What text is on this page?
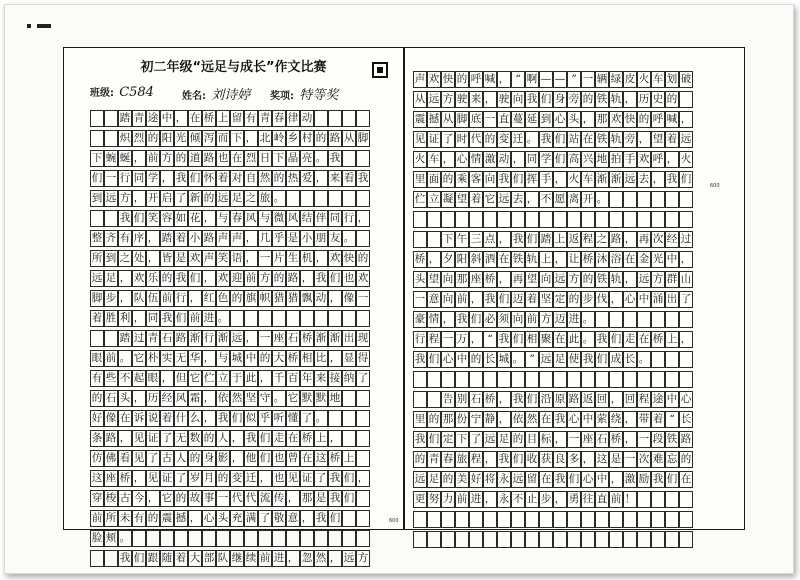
初二年级“远足与成长”作文比赛
班级: C584	姓名: 刘诗婷 奖项: 特等奖

踏 青 途 中 ， 在 桥 上 留 有 青 春 律 动

炽 烈 的 阳 光 倾 泻 而 下 ， 北 岭 乡 村 的 路 从 脚
下 蜿 蜒 ， 前 方 的 道 路 也 在 烈 日 下 晶 亮 。 我
们 一 行 同 学 ， 我 们 怀 着 对 自 然 的 热 爱 ， 来 看 我
到 远 方 ， 开 启 了 新 的 远 足 之 旅 。

我 们 笑 容 如 花 ， 与 春 风 与 微 风 结 伴 同 行 ，
整 齐 有 序 ， 踏 着 小 路 声 声 ， 几 乎 是 小 朋 友 。
所 到 之 处 ， 皆 是 欢 声 笑 语 ， 一 片 生 机 ， 欢 快 的
远 足 ， 欢 乐 的 我 们 ， 欢 迎 前 方 的 路 ， 我 们 也 欢
脚 步 ， 队 伍 前 行 ， 红 色 的 旗 帜 猎 猎 飘 动 ， 像 一
着 胜 利 ， 同 我 们 前 进 。

踏 过 青 石 路 渐 行 渐 远 ， 一 座 石 桥 渐 渐 出 现
眼 前 。 它 朴 实 无 华 ， 与 城 中 的 大 桥 相 比 ， 显 得
有 些 不 起 眼 ， 但 它 伫 立 于 此 ， 千 百 年 来 接 纳 了
的 石 头 ， 历 经 风 霜 ， 依 然 坚 守 。 它 默 默 地
好 像 在 诉 说 着 什 么 ， 我 们 似 乎 听 懂 了 。
条 路 ， 见 证 了 无 数 的 人 ， 我 们 走 在 桥 上 ，
仿 佛 看 见 了 古 人 的 身 影 ， 他 们 也 曾 在 这 桥 上
这 座 桥 ， 见 证 了 岁 月 的 变 迁 ， 也 见 证 了 我 们 ，
穿 梭 古 今 ， 它 的 故 事 一 代 代 流 传 ， 那 是 我 们
前 所 未 有 的 震 撼 ， 心 头 充 满 了 敬 意 ， 我 们
脸 颊 。

我 们 跟 随 着 大 部 队 继 续 前 进 ， 忽 然 ， 远 方
600
声 欢 快 的 呼 喊 ， “ 啊 — — ” 一 辆 绿 皮 火 车 划 破
从 远 方 驶 来 ， 驶 向 我 们 身 旁 的 铁 轨 ， 历 史 的
震 撼 从 脚 底 一 直 蔓 延 到 心 头 ， 那 欢 快 的 呼 喊 ，
见 证 了 时 代 的 变 迁 。 我 们 站 在 铁 轨 旁 ， 望 着 远
火 车 ， 心 情 激 动 ， 同 学 们 高 兴 地 拍 手 欢 呼 ， 火
里 面 的 乘 客 向 我 们 挥 手 ， 火 车 渐 渐 远 去 ， 我 们
伫 立 凝 望 着 它 远 去 ， 不 愿 离 开 。

下 午 三 点 ， 我 们 踏 上 返 程 之 路 ， 再 次 经 过
桥 ， 夕 阳 斜 洒 在 铁 轨 上 ， 让 桥 沐 浴 在 金 光 中 ，
头 望 向 那 座 桥 ， 再 望 向 远 方 的 铁 轨 ， 远 方 群 山
一 意 向 前 ， 我 们 迈 着 坚 定 的 步 伐 ， 心 中 涌 出 了
豪 情 ， 我 们 必 须 向 前 方 迈 进 。
行 程 一 万 ， “ 我 们 相 聚 在 此 。 我 们 走 在 桥 上 ，
我 们 心 中 的 长 城 。 ” 远 足 使 我 们 成 长 。

告 别 石 桥 ， 我 们 沿 原 路 返 回 ， 回 程 途 中 心
里 的 那 份 宁 静 ， 依 然 在 我 心 中 萦 绕 ， 带 着 “ 长
我 们 定 下 了 远 足 的 目 标 ， 一 座 石 桥 ， 一 段 铁 路
的 青 春 旅 程 ， 我 们 收 获 良 多 ， 这 是 一 次 难 忘 的
远 足 的 美 好 将 永 远 留 在 我 们 心 中 ， 激 励 我 们 在
更 努 力 前 进 ， 永 不 止 步 ， 勇 往 直 前 ！
600
